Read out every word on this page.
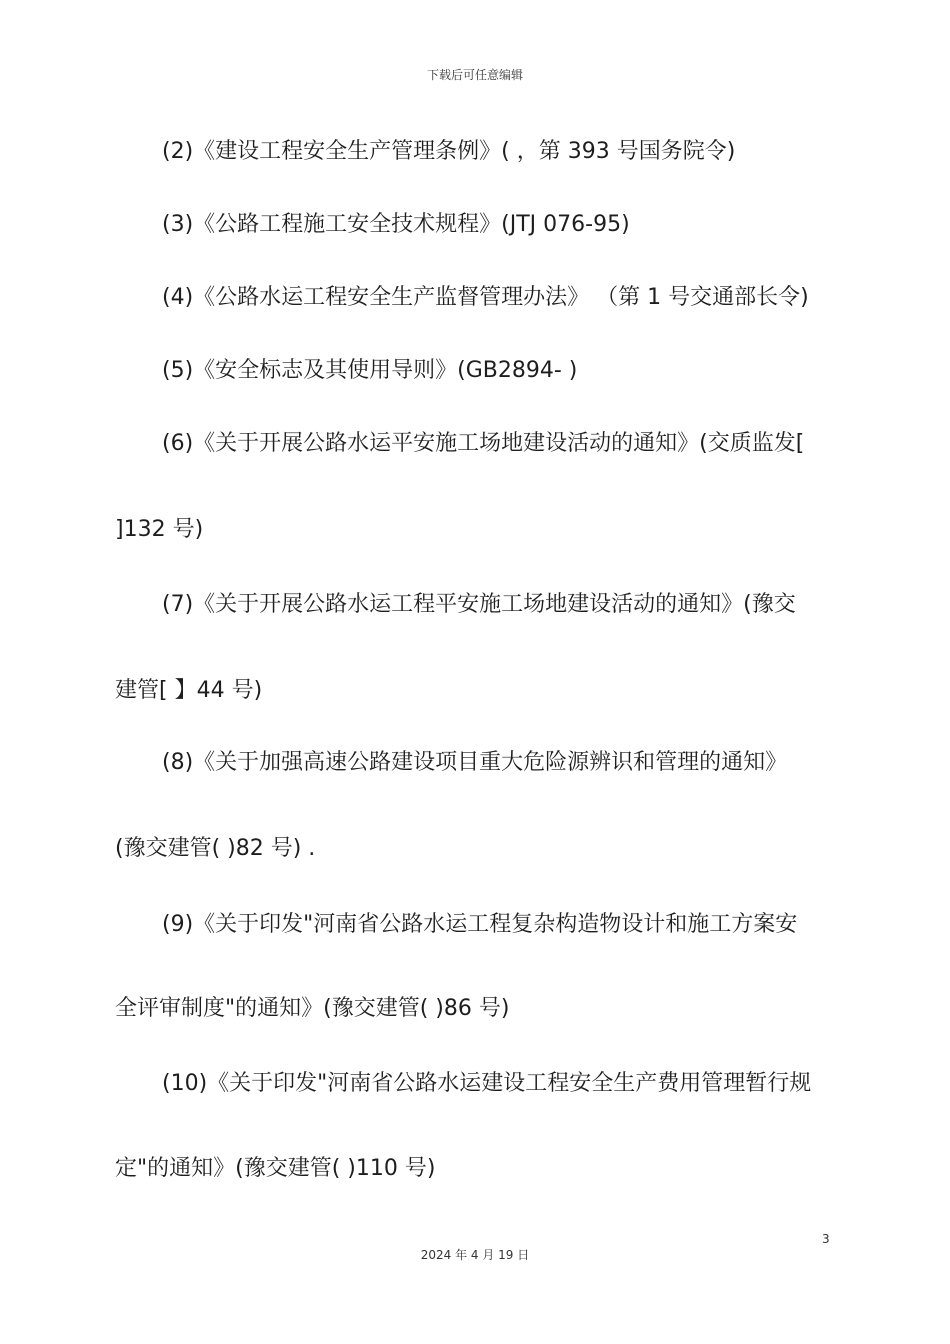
下载后可任意编辑
(2)《建设工程安全生产管理条例》( ，第 393 号国务院令)
(3)《公路工程施工安全技术规程》(JTJ 076-95)
(4)《公路水运工程安全生产监督管理办法》 （第 1 号交通部长令)
(5)《安全标志及其使用导则》(GB2894- )
(6)《关于开展公路水运平安施工场地建设活动的通知》(交质监发[
]132 号)
(7)《关于开展公路水运工程平安施工场地建设活动的通知》(豫交
建管[ 】44 号)
(8)《关于加强高速公路建设项目重大危险源辨识和管理的通知》
(豫交建管( )82 号) .
(9)《关于印发"河南省公路水运工程复杂构造物设计和施工方案安
全评审制度"的通知》(豫交建管( )86 号)
(10)《关于印发"河南省公路水运建设工程安全生产费用管理暂行规
定"的通知》(豫交建管( )110 号)
3
2024 年 4 月 19 日
